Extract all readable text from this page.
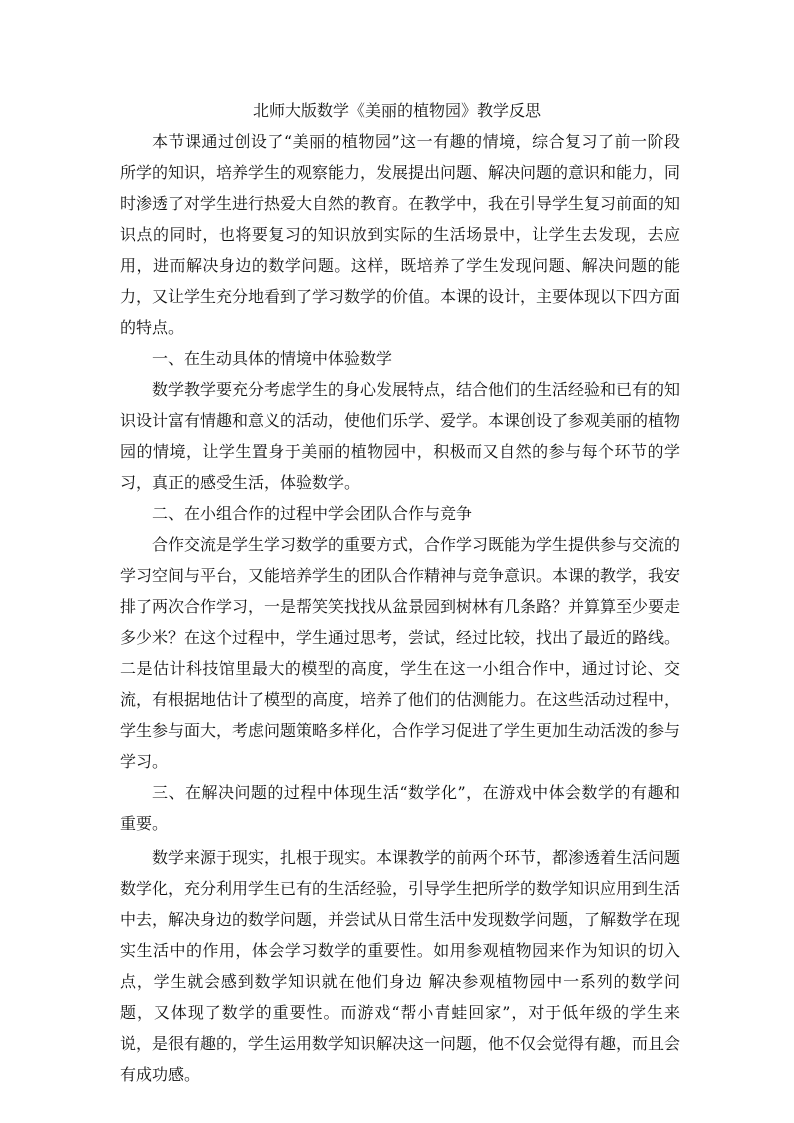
北师大版数学《美丽的植物园》教学反思

本节课通过创设了“美丽的植物园”这一有趣的情境，综合复习了前一阶段所学的知识，培养学生的观察能力，发展提出问题、解决问题的意识和能力，同时渗透了对学生进行热爱大自然的教育。在教学中，我在引导学生复习前面的知识点的同时，也将要复习的知识放到实际的生活场景中，让学生去发现，去应用，进而解决身边的数学问题。这样，既培养了学生发现问题、解决问题的能力，又让学生充分地看到了学习数学的价值。本课的设计，主要体现以下四方面的特点。

一、在生动具体的情境中体验数学

数学教学要充分考虑学生的身心发展特点，结合他们的生活经验和已有的知识设计富有情趣和意义的活动，使他们乐学、爱学。本课创设了参观美丽的植物园的情境，让学生置身于美丽的植物园中，积极而又自然的参与每个环节的学习，真正的感受生活，体验数学。

二、在小组合作的过程中学会团队合作与竞争

合作交流是学生学习数学的重要方式，合作学习既能为学生提供参与交流的学习空间与平台，又能培养学生的团队合作精神与竞争意识。本课的教学，我安排了两次合作学习，一是帮笑笑找找从盆景园到树林有几条路？并算算至少要走多少米？在这个过程中，学生通过思考，尝试，经过比较，找出了最近的路线。二是估计科技馆里最大的模型的高度，学生在这一小组合作中，通过讨论、交流，有根据地估计了模型的高度，培养了他们的估测能力。在这些活动过程中，学生参与面大，考虑问题策略多样化，合作学习促进了学生更加生动活泼的参与学习。

三、在解决问题的过程中体现生活“数学化”，在游戏中体会数学的有趣和重要。

数学来源于现实，扎根于现实。本课教学的前两个环节，都渗透着生活问题数学化，充分利用学生已有的生活经验，引导学生把所学的数学知识应用到生活中去，解决身边的数学问题，并尝试从日常生活中发现数学问题，了解数学在现实生活中的作用，体会学习数学的重要性。如用参观植物园来作为知识的切入点，学生就会感到数学知识就在他们身边 解决参观植物园中一系列的数学问题，又体现了数学的重要性。而游戏“帮小青蛙回家”，对于低年级的学生来说，是很有趣的，学生运用数学知识解决这一问题，他不仅会觉得有趣，而且会有成功感。
